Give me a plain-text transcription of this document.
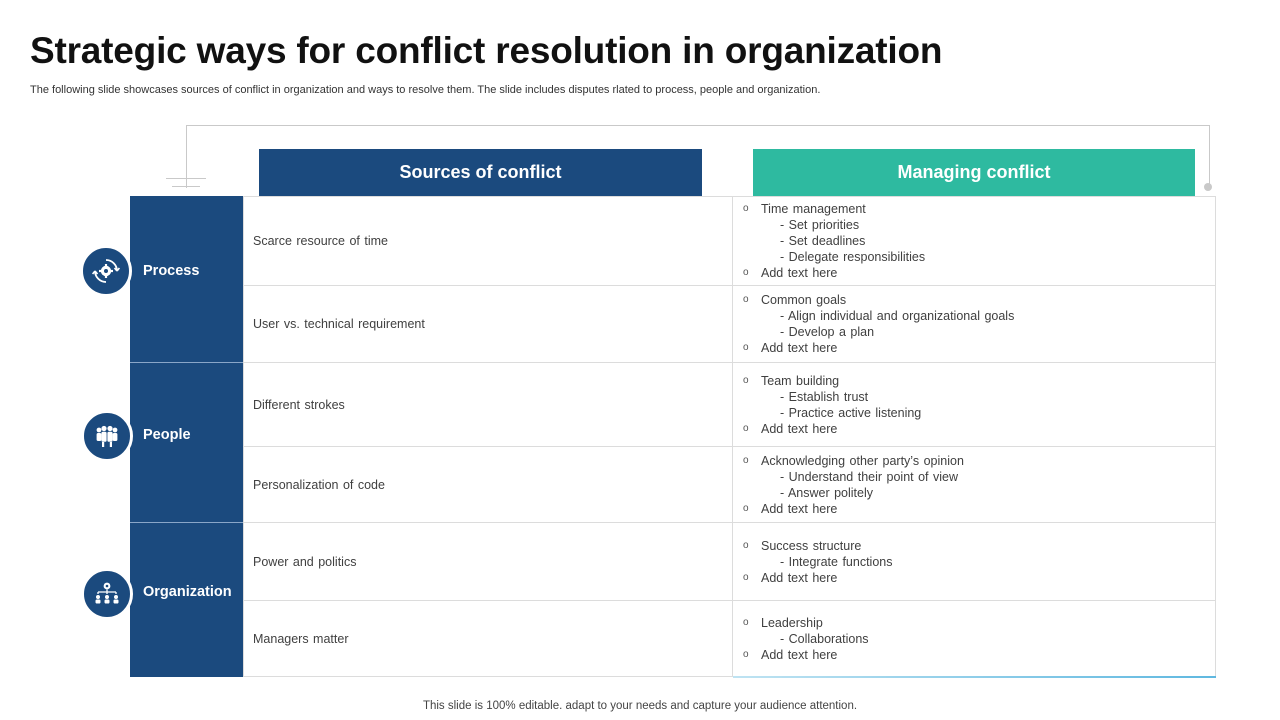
Strategic ways for conflict resolution in organization
The following slide showcases sources of conflict in organization and ways to resolve them. The slide includes disputes rlated to process, people and organization.
Sources of conflict	Managing conflict
Scarce resource of time
o Time management
- Set priorities
- Set deadlines
- Delegate responsibilities
o Add text here
User vs. technical requirement
o Common goals
- Align individual and organizational goals
- Develop a plan
o Add text here
Different strokes
o Team building
- Establish trust
- Practice active listening
o Add text here
Personalization of code
o Acknowledging other party’s opinion
- Understand their point of view
- Answer politely
o Add text here
Power and politics
o Success structure
- Integrate functions
o Add text here
Managers matter
o Leadership
- Collaborations
o Add text here
Process
People
Organization
This slide is 100% editable. adapt to your needs and capture your audience attention.
